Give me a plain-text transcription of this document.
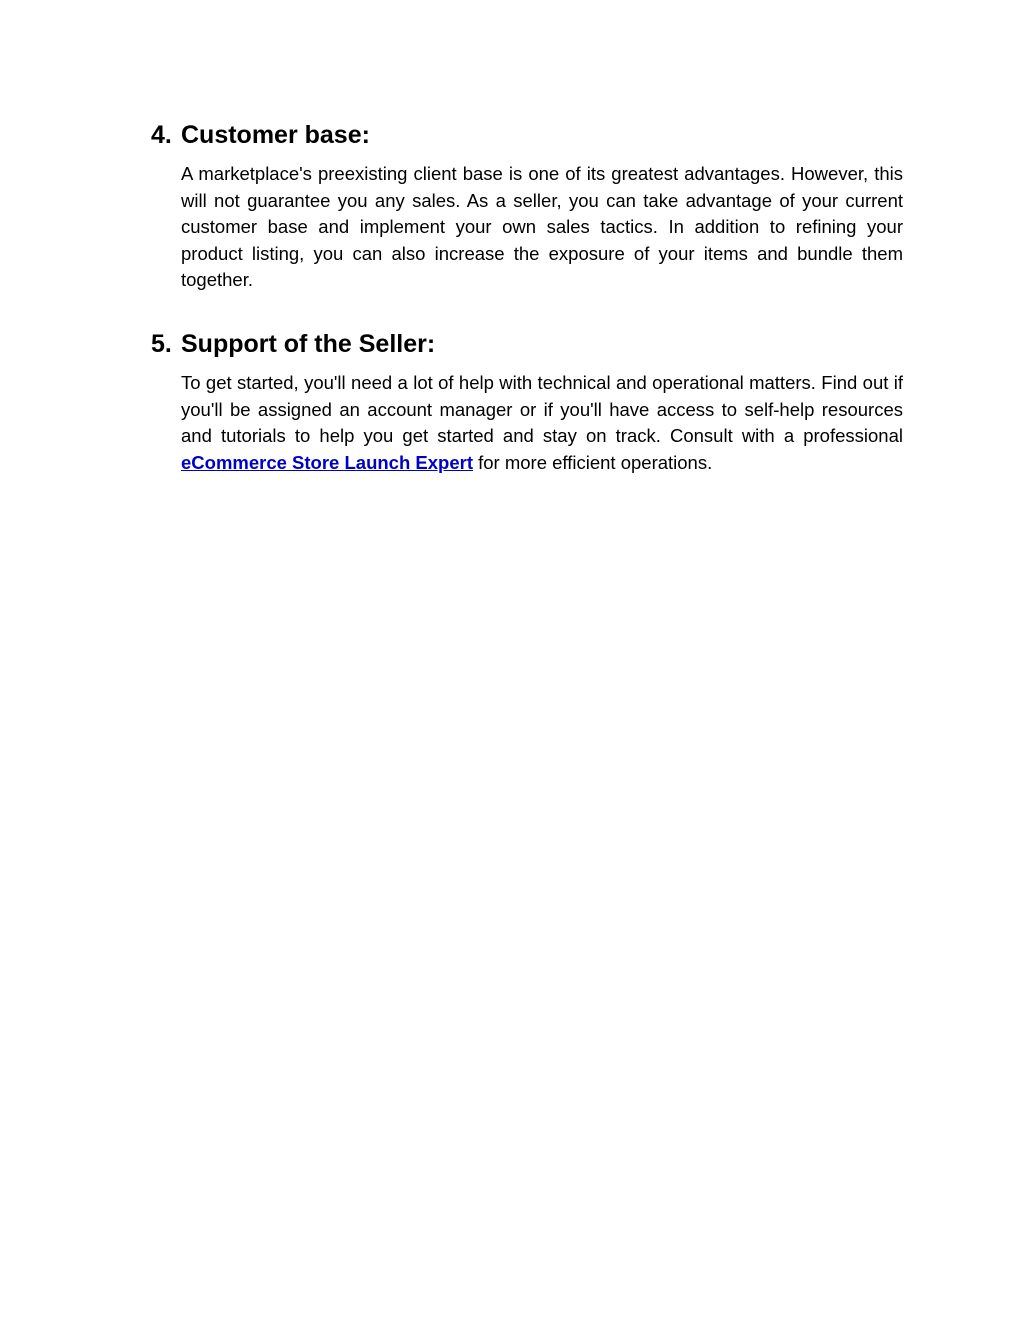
4. Customer base:

A marketplace's preexisting client base is one of its greatest advantages. However, this will not guarantee you any sales. As a seller, you can take advantage of your current customer base and implement your own sales tactics. In addition to refining your product listing, you can also increase the exposure of your items and bundle them together.

5. Support of the Seller:

To get started, you'll need a lot of help with technical and operational matters. Find out if you'll be assigned an account manager or if you'll have access to self-help resources and tutorials to help you get started and stay on track. Consult with a professional eCommerce Store Launch Expert for more efficient operations.
